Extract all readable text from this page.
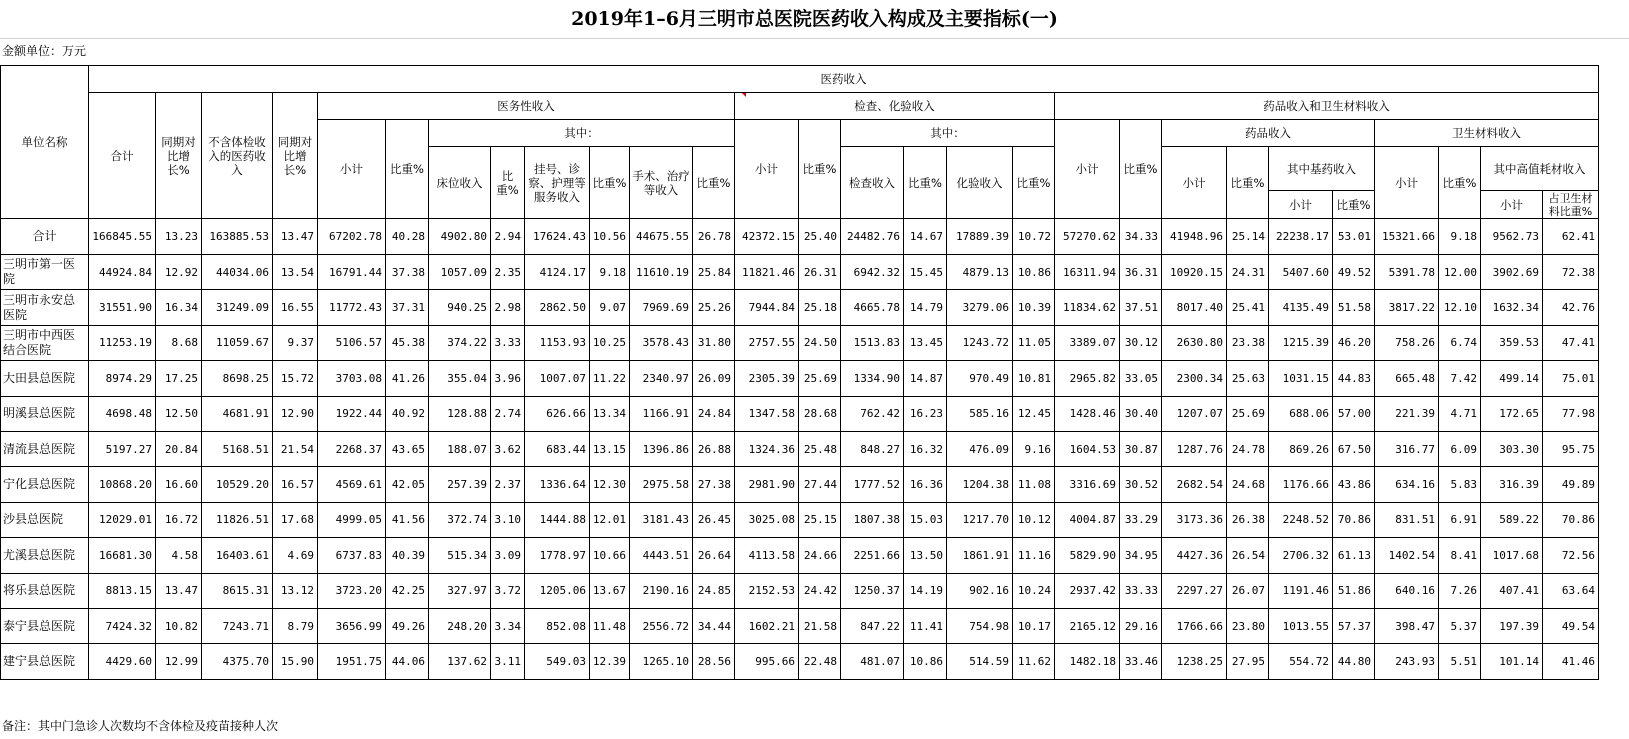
2019年1–6月三明市总医院医药收入构成及主要指标(一)
金额单位：万元
单位名称	医药收入																											
	合计	同期对比增长%	不含体检收入的医药收入	同期对比增长%	医务性收入								检查、化验收入						药品收入和卫生材料收入									
					小计	比重%	其中：						小计	比重%	其中：				小计	比重%	药品收入				卫生材料收入			
							床位收入	比重%	挂号、诊察、护理等服务收入	比重%	手术、治疗等收入	比重%			检查收入	比重%	化验收入	比重%			小计	比重%	其中基药收入		小计	比重%	其中高值耗材收入	

																							小计	比重%			小计	占卫生材料比重%
合计	166845.55	13.23	163885.53	13.47	67202.78	40.28	4902.80	2.94	17624.43	10.56	44675.55	26.78	42372.15	25.40	24482.76	14.67	17889.39	10.72	57270.62	34.33	41948.96	25.14	22238.17	53.01	15321.66	9.18	9562.73	62.41
三明市第一医院	44924.84	12.92	44034.06	13.54	16791.44	37.38	1057.09	2.35	4124.17	9.18	11610.19	25.84	11821.46	26.31	6942.32	15.45	4879.13	10.86	16311.94	36.31	10920.15	24.31	5407.60	49.52	5391.78	12.00	3902.69	72.38
三明市永安总医院	31551.90	16.34	31249.09	16.55	11772.43	37.31	940.25	2.98	2862.50	9.07	7969.69	25.26	7944.84	25.18	4665.78	14.79	3279.06	10.39	11834.62	37.51	8017.40	25.41	4135.49	51.58	3817.22	12.10	1632.34	42.76
三明市中西医结合医院	11253.19	8.68	11059.67	9.37	5106.57	45.38	374.22	3.33	1153.93	10.25	3578.43	31.80	2757.55	24.50	1513.83	13.45	1243.72	11.05	3389.07	30.12	2630.80	23.38	1215.39	46.20	758.26	6.74	359.53	47.41
大田县总医院	8974.29	17.25	8698.25	15.72	3703.08	41.26	355.04	3.96	1007.07	11.22	2340.97	26.09	2305.39	25.69	1334.90	14.87	970.49	10.81	2965.82	33.05	2300.34	25.63	1031.15	44.83	665.48	7.42	499.14	75.01
明溪县总医院	4698.48	12.50	4681.91	12.90	1922.44	40.92	128.88	2.74	626.66	13.34	1166.91	24.84	1347.58	28.68	762.42	16.23	585.16	12.45	1428.46	30.40	1207.07	25.69	688.06	57.00	221.39	4.71	172.65	77.98
清流县总医院	5197.27	20.84	5168.51	21.54	2268.37	43.65	188.07	3.62	683.44	13.15	1396.86	26.88	1324.36	25.48	848.27	16.32	476.09	9.16	1604.53	30.87	1287.76	24.78	869.26	67.50	316.77	6.09	303.30	95.75
宁化县总医院	10868.20	16.60	10529.20	16.57	4569.61	42.05	257.39	2.37	1336.64	12.30	2975.58	27.38	2981.90	27.44	1777.52	16.36	1204.38	11.08	3316.69	30.52	2682.54	24.68	1176.66	43.86	634.16	5.83	316.39	49.89
沙县总医院	12029.01	16.72	11826.51	17.68	4999.05	41.56	372.74	3.10	1444.88	12.01	3181.43	26.45	3025.08	25.15	1807.38	15.03	1217.70	10.12	4004.87	33.29	3173.36	26.38	2248.52	70.86	831.51	6.91	589.22	70.86
尤溪县总医院	16681.30	4.58	16403.61	4.69	6737.83	40.39	515.34	3.09	1778.97	10.66	4443.51	26.64	4113.58	24.66	2251.66	13.50	1861.91	11.16	5829.90	34.95	4427.36	26.54	2706.32	61.13	1402.54	8.41	1017.68	72.56
将乐县总医院	8813.15	13.47	8615.31	13.12	3723.20	42.25	327.97	3.72	1205.06	13.67	2190.16	24.85	2152.53	24.42	1250.37	14.19	902.16	10.24	2937.42	33.33	2297.27	26.07	1191.46	51.86	640.16	7.26	407.41	63.64
泰宁县总医院	7424.32	10.82	7243.71	8.79	3656.99	49.26	248.20	3.34	852.08	11.48	2556.72	34.44	1602.21	21.58	847.22	11.41	754.98	10.17	2165.12	29.16	1766.66	23.80	1013.55	57.37	398.47	5.37	197.39	49.54
建宁县总医院	4429.60	12.99	4375.70	15.90	1951.75	44.06	137.62	3.11	549.03	12.39	1265.10	28.56	995.66	22.48	481.07	10.86	514.59	11.62	1482.18	33.46	1238.25	27.95	554.72	44.80	243.93	5.51	101.14	41.46
备注：其中门急诊人次数均不含体检及疫苗接种人次
